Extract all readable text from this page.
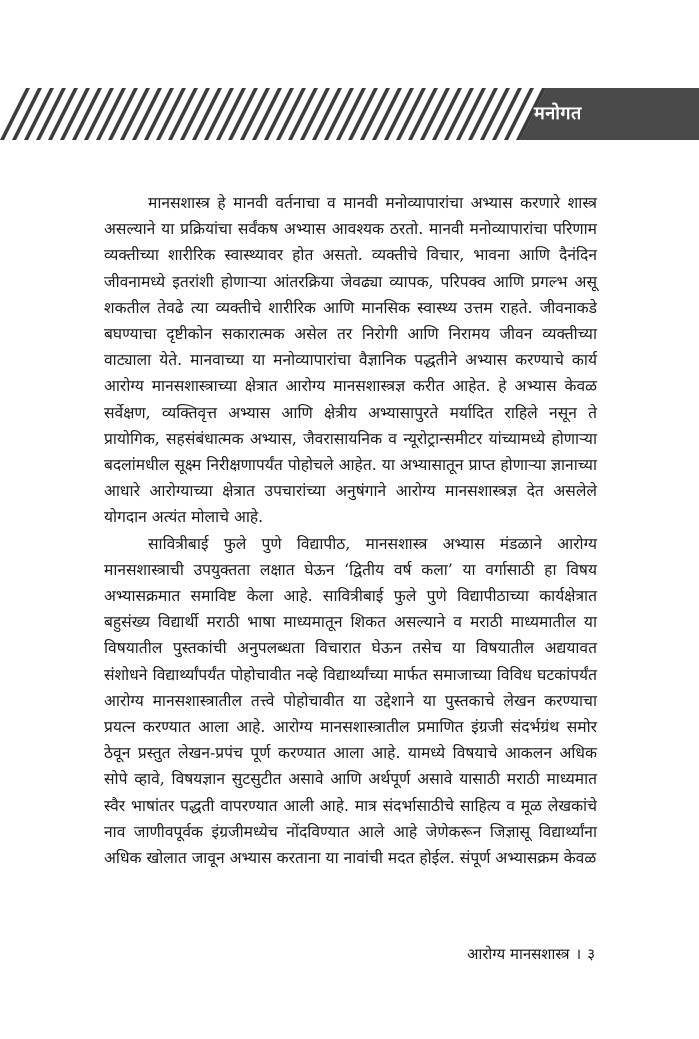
मनोगत

मानसशास्त्र हे मानवी वर्तनाचा व मानवी मनोव्यापारांचा अभ्यास करणारे शास्त्र असल्याने या प्रक्रियांचा सर्वंकष अभ्यास आवश्यक ठरतो. मानवी मनोव्यापारांचा परिणाम व्यक्तीच्या शारीरिक स्वास्थ्यावर होत असतो. व्यक्तीचे विचार, भावना आणि दैनंदिन जीवनामध्ये इतरांशी होणाऱ्या आंतरक्रिया जेवढ्या व्यापक, परिपक्व आणि प्रगल्भ असू शकतील तेवढे त्या व्यक्तीचे शारीरिक आणि मानसिक स्वास्थ्य उत्तम राहते. जीवनाकडे बघण्याचा दृष्टीकोन सकारात्मक असेल तर निरोगी आणि निरामय जीवन व्यक्तीच्या वाट्याला येते. मानवाच्या या मनोव्यापारांचा वैज्ञानिक पद्धतीने अभ्यास करण्याचे कार्य आरोग्य मानसशास्त्राच्या क्षेत्रात आरोग्य मानसशास्त्रज्ञ करीत आहेत. हे अभ्यास केवळ सर्वेक्षण, व्यक्तिवृत्त अभ्यास आणि क्षेत्रीय अभ्यासापुरते मर्यादित राहिले नसून ते प्रायोगिक, सहसंबंधात्मक अभ्यास, जैवरासायनिक व न्यूरोट्रान्समीटर यांच्यामध्ये होणाऱ्या बदलांमधील सूक्ष्म निरीक्षणापर्यंत पोहोचले आहेत. या अभ्यासातून प्राप्त होणाऱ्या ज्ञानाच्या आधारे आरोग्याच्या क्षेत्रात उपचारांच्या अनुषंगाने आरोग्य मानसशास्त्रज्ञ देत असलेले योगदान अत्यंत मोलाचे आहे.

सावित्रीबाई फुले पुणे विद्यापीठ, मानसशास्त्र अभ्यास मंडळाने आरोग्य मानसशास्त्राची उपयुक्तता लक्षात घेऊन ‘द्वितीय वर्ष कला’ या वर्गासाठी हा विषय अभ्यासक्रमात समाविष्ट केला आहे. सावित्रीबाई फुले पुणे विद्यापीठाच्या कार्यक्षेत्रात बहुसंख्य विद्यार्थी मराठी भाषा माध्यमातून शिकत असल्याने व मराठी माध्यमातील या विषयातील पुस्तकांची अनुपलब्धता विचारात घेऊन तसेच या विषयातील अद्ययावत संशोधने विद्यार्थ्यांपर्यंत पोहोचावीत नव्हे विद्यार्थ्यांच्या मार्फत समाजाच्या विविध घटकांपर्यंत आरोग्य मानसशास्त्रातील तत्त्वे पोहोचावीत या उद्देशाने या पुस्तकाचे लेखन करण्याचा प्रयत्न करण्यात आला आहे. आरोग्य मानसशास्त्रातील प्रमाणित इंग्रजी संदर्भग्रंथ समोर ठेवून प्रस्तुत लेखन-प्रपंच पूर्ण करण्यात आला आहे. यामध्ये विषयाचे आकलन अधिक सोपे व्हावे, विषयज्ञान सुटसुटीत असावे आणि अर्थपूर्ण असावे यासाठी मराठी माध्यमात स्वैर भाषांतर पद्धती वापरण्यात आली आहे. मात्र संदर्भासाठीचे साहित्य व मूळ लेखकांचे नाव जाणीवपूर्वक इंग्रजीमध्येच नोंदविण्यात आले आहे जेणेकरून जिज्ञासू विद्यार्थ्यांना अधिक खोलात जावून अभ्यास करताना या नावांची मदत होईल. संपूर्ण अभ्यासक्रम केवळ

आरोग्य मानसशास्त्र । ३
